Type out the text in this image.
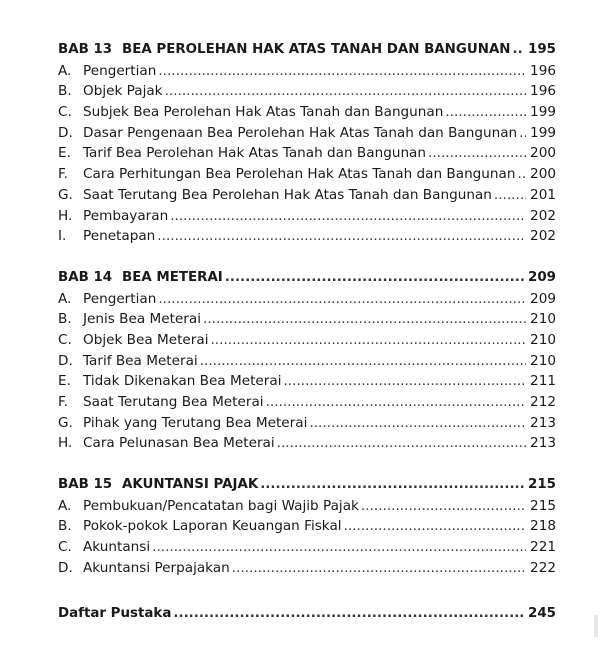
BAB 13 BEA PEROLEHAN HAK ATAS TANAH DAN BANGUNAN ..... 195
A. Pengertian .....	196
B. Objek Pajak .....	196
C. Subjek Bea Perolehan Hak Atas Tanah dan Bangunan .....	199
D. Dasar Pengenaan Bea Perolehan Hak Atas Tanah dan Bangunan ..... 199
E. Tarif Bea Perolehan Hak Atas Tanah dan Bangunan .....	200
F.	Cara Perhitungan Bea Perolehan Hak Atas Tanah dan Bangunan ..... 200
G. Saat Terutang Bea Perolehan Hak Atas Tanah dan Bangunan .....	201
H. Pembayaran .....	202
I.	Penetapan .....	202
BAB 14 BEA METERAI .....	209
A. Pengertian .....	209
B. Jenis Bea Meterai .....	210
C. Objek Bea Meterai .....	210
D. Tarif Bea Meterai .....	210
E. Tidak Dikenakan Bea Meterai .....	211
F.	Saat Terutang Bea Meterai .....	212
G. Pihak yang Terutang Bea Meterai .....	213
H. Cara Pelunasan Bea Meterai .....	213
BAB 15 AKUNTANSI PAJAK .....	215
A. Pembukuan/Pencatatan bagi Wajib Pajak .....	215
B. Pokok-pokok Laporan Keuangan Fiskal .....	218
C. Akuntansi .....	221
D. Akuntansi Perpajakan .....	222
Daftar Pustaka .....	245
